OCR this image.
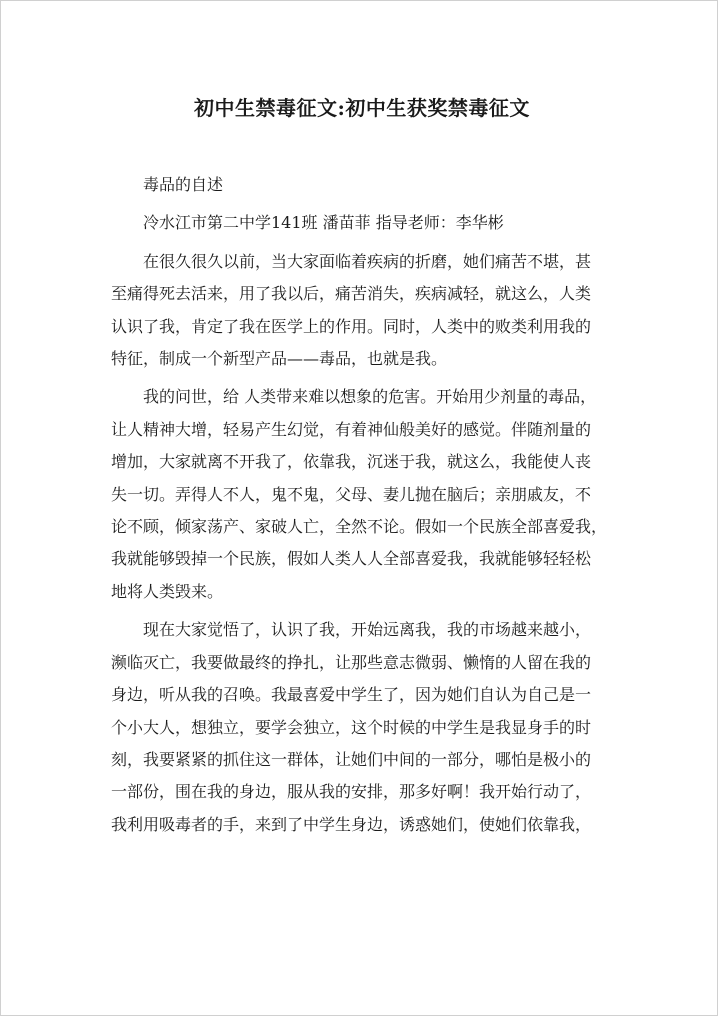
初中生禁毒征文:初中生获奖禁毒征文

毒品的自述

冷水江市第二中学141班 潘苗菲 指导老师：李华彬

在很久很久以前，当大家面临着疾病的折磨，她们痛苦不堪，甚
至痛得死去活来，用了我以后，痛苦消失，疾病减轻，就这么，人类
认识了我，肯定了我在医学上的作用。同时，人类中的败类利用我的
特征，制成一个新型产品——毒品，也就是我。

我的问世，给 人类带来难以想象的危害。开始用少剂量的毒品，
让人精神大增，轻易产生幻觉，有着神仙般美好的感觉。伴随剂量的
增加，大家就离不开我了，依靠我，沉迷于我，就这么，我能使人丧
失一切。弄得人不人，鬼不鬼，父母、妻儿抛在脑后；亲朋戚友，不
论不顾，倾家荡产、家破人亡，全然不论。假如一个民族全部喜爱我，
我就能够毁掉一个民族，假如人类人人全部喜爱我，我就能够轻轻松
地将人类毁来。

现在大家觉悟了，认识了我，开始远离我，我的市场越来越小，
濒临灭亡，我要做最终的挣扎，让那些意志微弱、懒惰的人留在我的
身边，听从我的召唤。我最喜爱中学生了，因为她们自认为自己是一
个小大人，想独立，要学会独立，这个时候的中学生是我显身手的时
刻，我要紧紧的抓住这一群体，让她们中间的一部分，哪怕是极小的
一部份，围在我的身边，服从我的安排，那多好啊！我开始行动了，
我利用吸毒者的手，来到了中学生身边，诱惑她们，使她们依靠我，
